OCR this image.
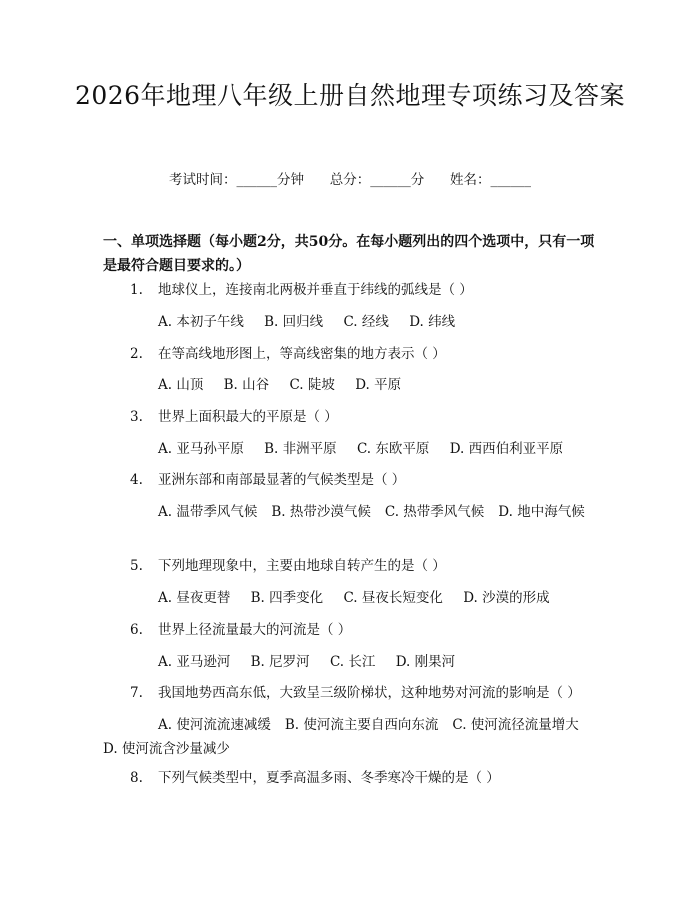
2026年地理八年级上册自然地理专项练习及答案
考试时间：______分钟 总分：______分 姓名：______
一、单项选择题（每小题2分，共50分。在每小题列出的四个选项中，只有一项是最符合题目要求的。）
1. 地球仪上，连接南北两极并垂直于纬线的弧线是（ ）
A. 本初子午线 B. 回归线 C. 经线 D. 纬线
2. 在等高线地形图上，等高线密集的地方表示（ ）
A. 山顶 B. 山谷 C. 陡坡 D. 平原
3. 世界上面积最大的平原是（ ）
A. 亚马孙平原 B. 非洲平原 C. 东欧平原 D. 西西伯利亚平原
4. 亚洲东部和南部最显著的气候类型是（ ）
A. 温带季风气候 B. 热带沙漠气候 C. 热带季风气候 D. 地中海气候
5. 下列地理现象中，主要由地球自转产生的是（ ）
A. 昼夜更替 B. 四季变化 C. 昼夜长短变化 D. 沙漠的形成
6. 世界上径流量最大的河流是（ ）
A. 亚马逊河 B. 尼罗河 C. 长江 D. 刚果河
7. 我国地势西高东低，大致呈三级阶梯状，这种地势对河流的影响是（ ）
A. 使河流流速减缓 B. 使河流主要自西向东流 C. 使河流径流量增大D. 使河流含沙量减少
8. 下列气候类型中，夏季高温多雨、冬季寒冷干燥的是（ ）
